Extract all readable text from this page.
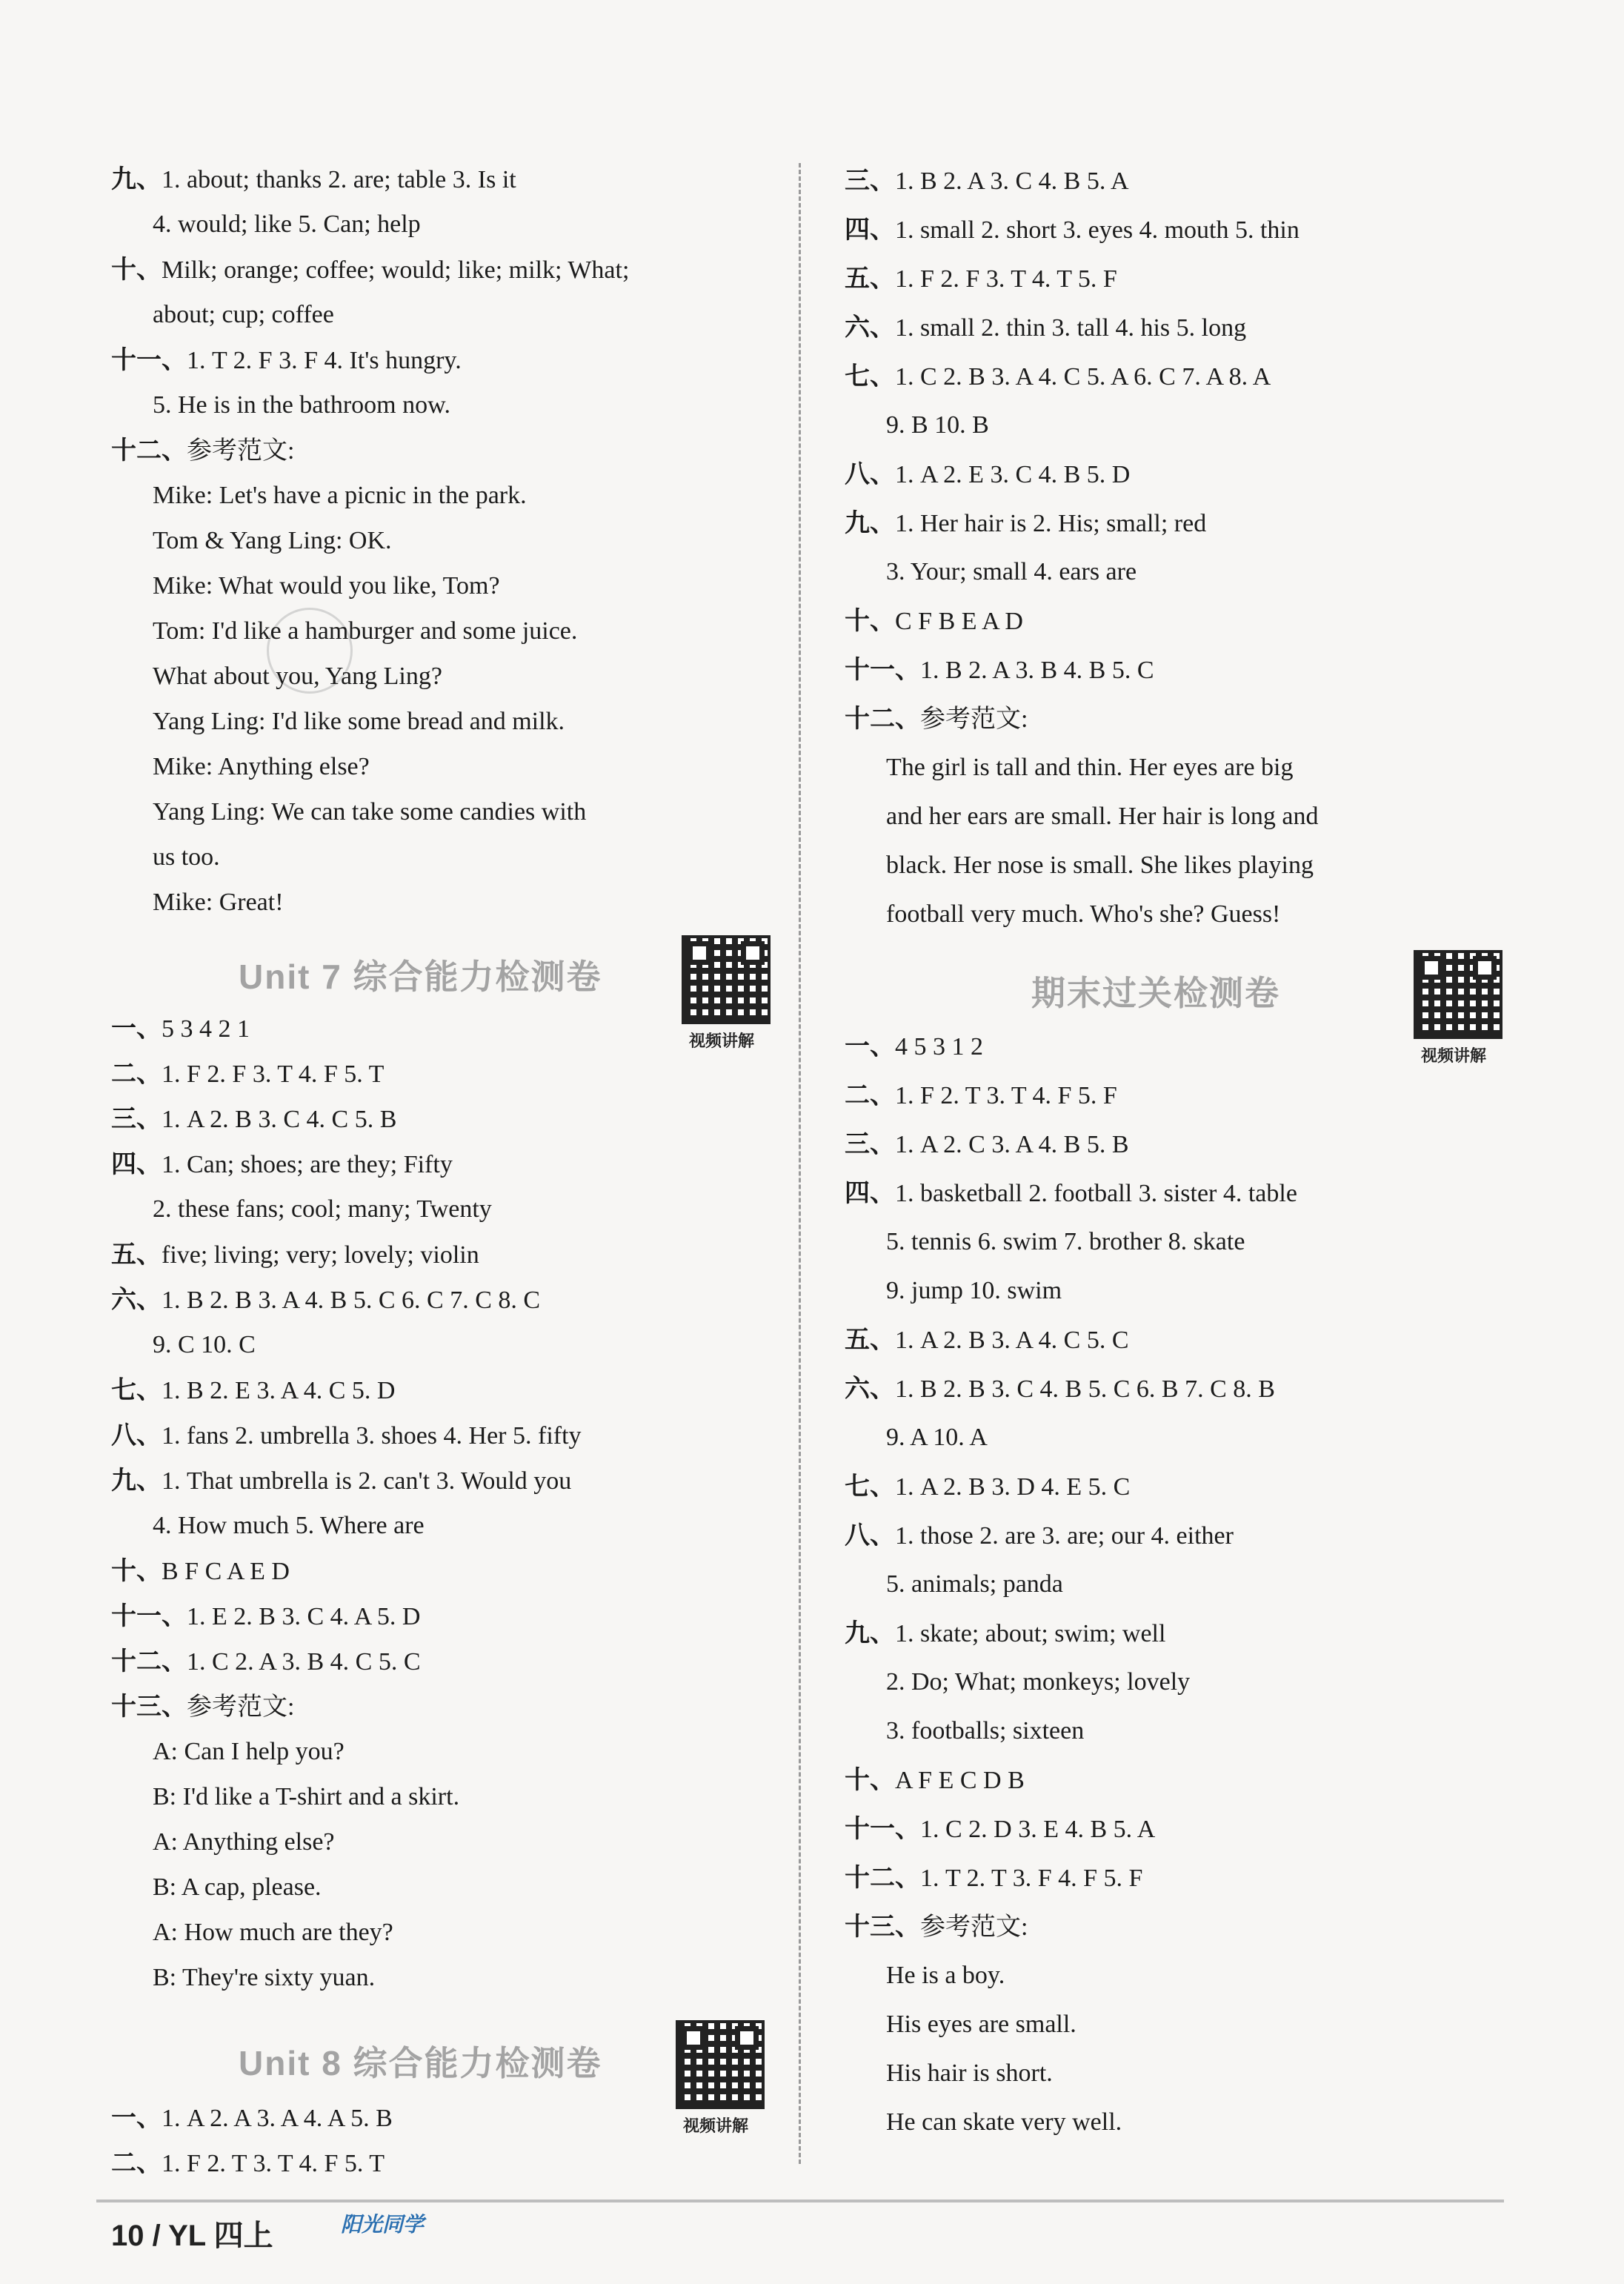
九、1. about; thanks 2. are; table 3. Is it
4. would; like 5. Can; help
十、Milk; orange; coffee; would; like; milk; What;
about; cup; coffee
十一、1. T 2. F 3. F 4. It's hungry.
5. He is in the bathroom now.
十二、参考范文:
Mike: Let's have a picnic in the park.
Tom & Yang Ling: OK.
Mike: What would you like, Tom?
Tom: I'd like a hamburger and some juice.
What about you, Yang Ling?
Yang Ling: I'd like some bread and milk.
Mike: Anything else?
Yang Ling: We can take some candies with
us too.
Mike: Great!
一、5 3 4 2 1
二、1. F 2. F 3. T 4. F 5. T
三、1. A 2. B 3. C 4. C 5. B
四、1. Can; shoes; are they; Fifty
2. these fans; cool; many; Twenty
五、five; living; very; lovely; violin
六、1. B 2. B 3. A 4. B 5. C 6. C 7. C 8. C
9. C 10. C
七、1. B 2. E 3. A 4. C 5. D
八、1. fans 2. umbrella 3. shoes 4. Her 5. fifty
九、1. That umbrella is 2. can't 3. Would you
4. How much 5. Where are
十、B F C A E D
十一、1. E 2. B 3. C 4. A 5. D
十二、1. C 2. A 3. B 4. C 5. C
十三、参考范文:
A: Can I help you?
B: I'd like a T-shirt and a skirt.
A: Anything else?
B: A cap, please.
A: How much are they?
B: They're sixty yuan.
一、1. A 2. A 3. A 4. A 5. B
二、1. F 2. T 3. T 4. F 5. T
三、1. B 2. A 3. C 4. B 5. A
四、1. small 2. short 3. eyes 4. mouth 5. thin
五、1. F 2. F 3. T 4. T 5. F
六、1. small 2. thin 3. tall 4. his 5. long
七、1. C 2. B 3. A 4. C 5. A 6. C 7. A 8. A
9. B 10. B
八、1. A 2. E 3. C 4. B 5. D
九、1. Her hair is 2. His; small; red
3. Your; small 4. ears are
十、C F B E A D
十一、1. B 2. A 3. B 4. B 5. C
十二、参考范文:
The girl is tall and thin. Her eyes are big
and her ears are small. Her hair is long and
black. Her nose is small. She likes playing
football very much. Who's she? Guess!
一、4 5 3 1 2
二、1. F 2. T 3. T 4. F 5. F
三、1. A 2. C 3. A 4. B 5. B
四、1. basketball 2. football 3. sister 4. table
5. tennis 6. swim 7. brother 8. skate
9. jump 10. swim
五、1. A 2. B 3. A 4. C 5. C
六、1. B 2. B 3. C 4. B 5. C 6. B 7. C 8. B
9. A 10. A
七、1. A 2. B 3. D 4. E 5. C
八、1. those 2. are 3. are; our 4. either
5. animals; panda
九、1. skate; about; swim; well
2. Do; What; monkeys; lovely
3. footballs; sixteen
十、A F E C D B
十一、1. C 2. D 3. E 4. B 5. A
十二、1. T 2. T 3. F 4. F 5. F
十三、参考范文:
He is a boy.
His eyes are small.
His hair is short.
He can skate very well.
Unit 7 综合能力检测卷
视频讲解
Unit 8 综合能力检测卷
视频讲解
期末过关检测卷
视频讲解
10 / YL 四上	阳光同学
